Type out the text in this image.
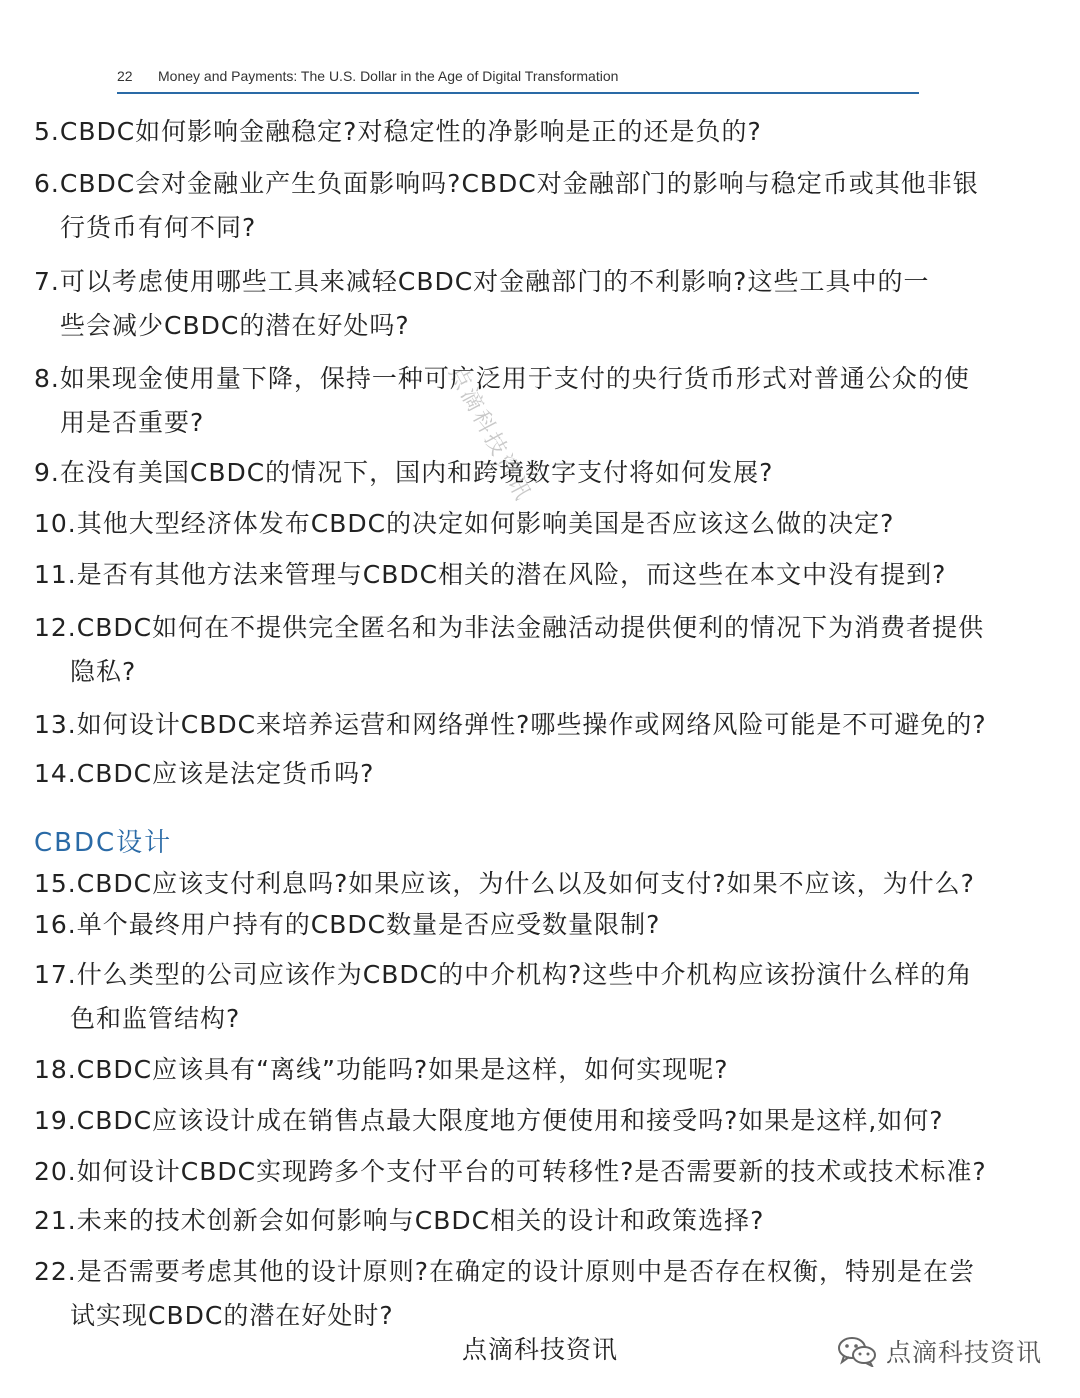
22 Money and Payments: The U.S. Dollar in the Age of Digital Transformation
点滴科技资讯
5.CBDC如何影响金融稳定?对稳定性的净影响是正的还是负的?
6.CBDC会对金融业产生负面影响吗?CBDC对金融部门的影响与稳定币或其他非银
行货币有何不同?
7.可以考虑使用哪些工具来减轻CBDC对金融部门的不利影响?这些工具中的一
些会减少CBDC的潜在好处吗?
8.如果现金使用量下降，保持一种可广泛用于支付的央行货币形式对普通公众的使
用是否重要?
9.在没有美国CBDC的情况下，国内和跨境数字支付将如何发展?
10.其他大型经济体发布CBDC的决定如何影响美国是否应该这么做的决定?
11.是否有其他方法来管理与CBDC相关的潜在风险，而这些在本文中没有提到?
12.CBDC如何在不提供完全匿名和为非法金融活动提供便利的情况下为消费者提供
隐私?
13.如何设计CBDC来培养运营和网络弹性?哪些操作或网络风险可能是不可避免的?
14.CBDC应该是法定货币吗?
CBDC设计
15.CBDC应该支付利息吗?如果应该，为什么以及如何支付?如果不应该，为什么?
16.单个最终用户持有的CBDC数量是否应受数量限制?
17.什么类型的公司应该作为CBDC的中介机构?这些中介机构应该扮演什么样的角
色和监管结构?
18.CBDC应该具有“离线”功能吗?如果是这样，如何实现呢?
19.CBDC应该设计成在销售点最大限度地方便使用和接受吗?如果是这样,如何?
20.如何设计CBDC实现跨多个支付平台的可转移性?是否需要新的技术或技术标准?
21.未来的技术创新会如何影响与CBDC相关的设计和政策选择?
22.是否需要考虑其他的设计原则?在确定的设计原则中是否存在权衡，特别是在尝
试实现CBDC的潜在好处时?
点滴科技资讯	点滴科技资讯
